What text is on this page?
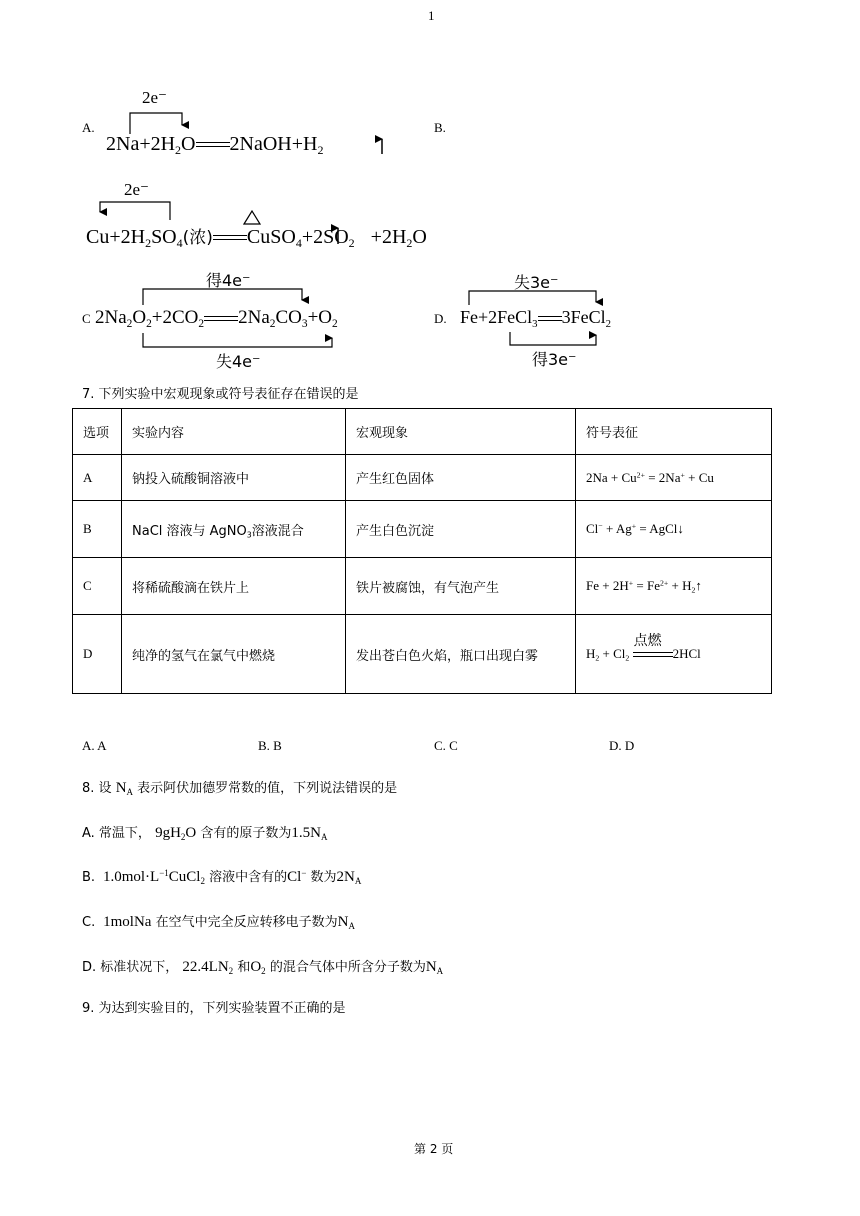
1
A.
2e⁻
$2Na+2H_2O$ $2NaOH+H_2$
B.
2e⁻
$Cu+2H_2SO_4$(浓) $CuSO_4+2SO_2 +2H_2O$
得4e⁻
C $2Na_2O_2+2CO_2$ $2Na_2CO_3+O_2$
失4e⁻
失3e⁻
D. Fe+2FeCl$_3$ 3FeCl$_2$
得3e⁻
7. 下列实验中宏观现象或符号表征存在错误的是
选项	实验内容	宏观现象	符号表征
A	钠投入硫酸铜溶液中	产生红色固体	$2Na + Cu^{2+} = 2Na^+ + Cu$
B	NaCl 溶液与 AgNO$_3$溶液混合	产生白色沉淀	Cl− + Ag+ = AgCl↓
C	将稀硫酸滴在铁片上	铁片被腐蚀，有气泡产生	$Fe + 2H^+ = Fe^{2+}$ + $H_2↑$
D	纯净的氢气在氯气中燃烧	发出苍白色火焰，瓶口出现白雾	$H_2 + Cl_2$
点燃
2HCl
A. A	B. B	C. C	D. D
8. 设 $N_A$ 表示阿伏加德罗常数的值，下列说法错误的是
A. 常温下， $9gH_2O$ 含有的原子数为$1.5N_A$
B.  $1.0mol\cdot L^{-1}CuCl_2$ 溶液中含有的Cl− 数为$2N_A$
C.  1molNa 在空气中完全反应转移电子数为$N_A$
D. 标准状况下， $22.4LN_2$ 和$O_2$ 的混合气体中所含分子数为$N_A$
9. 为达到实验目的，下列实验装置不正确的是
第 2 页
